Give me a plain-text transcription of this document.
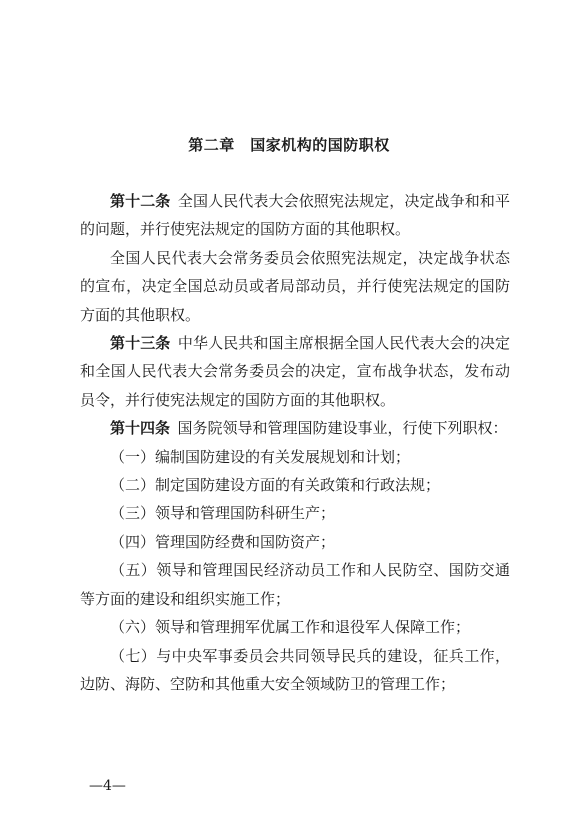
第二章　国家机构的国防职权

第十二条 全国人民代表大会依照宪法规定，决定战争和和平的问题，并行使宪法规定的国防方面的其他职权。

全国人民代表大会常务委员会依照宪法规定，决定战争状态的宣布，决定全国总动员或者局部动员，并行使宪法规定的国防方面的其他职权。

第十三条 中华人民共和国主席根据全国人民代表大会的决定和全国人民代表大会常务委员会的决定，宣布战争状态，发布动员令，并行使宪法规定的国防方面的其他职权。

第十四条 国务院领导和管理国防建设事业，行使下列职权：

（一）编制国防建设的有关发展规划和计划；

（二）制定国防建设方面的有关政策和行政法规；

（三）领导和管理国防科研生产；

（四）管理国防经费和国防资产；

（五）领导和管理国民经济动员工作和人民防空、国防交通等方面的建设和组织实施工作；

（六）领导和管理拥军优属工作和退役军人保障工作；

（七）与中央军事委员会共同领导民兵的建设，征兵工作，边防、海防、空防和其他重大安全领域防卫的管理工作；

—4—
